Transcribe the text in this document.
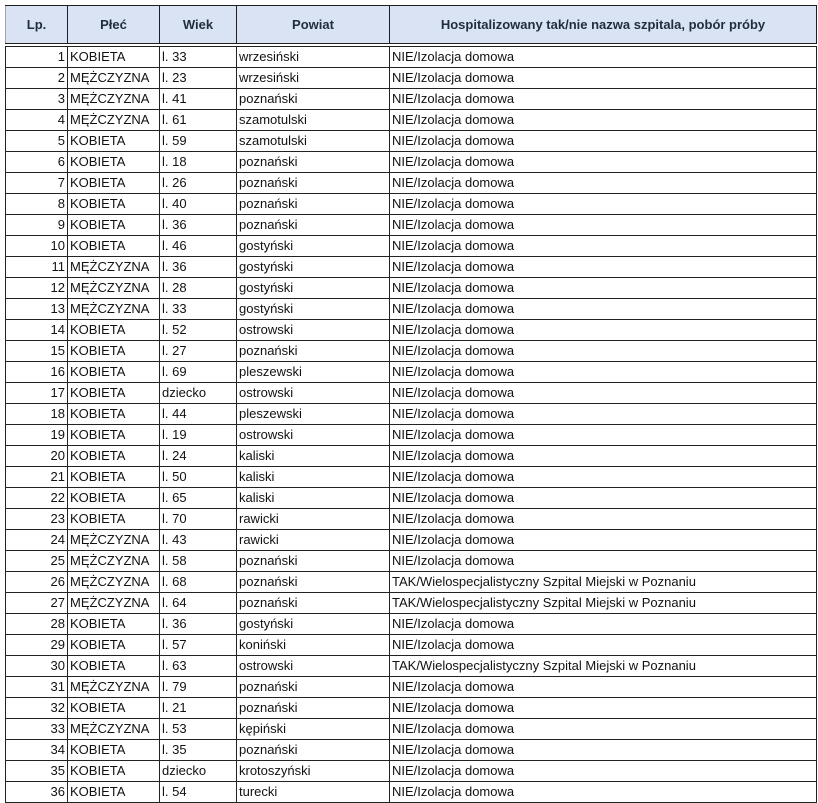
Lp.	Płeć	Wiek	Powiat	Hospitalizowany tak/nie nazwa szpitala, pobór próby

1	KOBIETA	l. 33	wrzesiński	NIE/Izolacja domowa
2	MĘŻCZYZNA	l. 23	wrzesiński	NIE/Izolacja domowa
3	MĘŻCZYZNA	l. 41	poznański	NIE/Izolacja domowa
4	MĘŻCZYZNA	l. 61	szamotulski	NIE/Izolacja domowa
5	KOBIETA	l. 59	szamotulski	NIE/Izolacja domowa
6	KOBIETA	l. 18	poznański	NIE/Izolacja domowa
7	KOBIETA	l. 26	poznański	NIE/Izolacja domowa
8	KOBIETA	l. 40	poznański	NIE/Izolacja domowa
9	KOBIETA	l. 36	poznański	NIE/Izolacja domowa
10	KOBIETA	l. 46	gostyński	NIE/Izolacja domowa
11	MĘŻCZYZNA	l. 36	gostyński	NIE/Izolacja domowa
12	MĘŻCZYZNA	l. 28	gostyński	NIE/Izolacja domowa
13	MĘŻCZYZNA	l. 33	gostyński	NIE/Izolacja domowa
14	KOBIETA	l. 52	ostrowski	NIE/Izolacja domowa
15	KOBIETA	l. 27	poznański	NIE/Izolacja domowa
16	KOBIETA	l. 69	pleszewski	NIE/Izolacja domowa
17	KOBIETA	dziecko	ostrowski	NIE/Izolacja domowa
18	KOBIETA	l. 44	pleszewski	NIE/Izolacja domowa
19	KOBIETA	l. 19	ostrowski	NIE/Izolacja domowa
20	KOBIETA	l. 24	kaliski	NIE/Izolacja domowa
21	KOBIETA	l. 50	kaliski	NIE/Izolacja domowa
22	KOBIETA	l. 65	kaliski	NIE/Izolacja domowa
23	KOBIETA	l. 70	rawicki	NIE/Izolacja domowa
24	MĘŻCZYZNA	l. 43	rawicki	NIE/Izolacja domowa
25	MĘŻCZYZNA	l. 58	poznański	NIE/Izolacja domowa
26	MĘŻCZYZNA	l. 68	poznański	TAK/Wielospecjalistyczny Szpital Miejski w Poznaniu
27	MĘŻCZYZNA	l. 64	poznański	TAK/Wielospecjalistyczny Szpital Miejski w Poznaniu
28	KOBIETA	l. 36	gostyński	NIE/Izolacja domowa
29	KOBIETA	l. 57	koniński	NIE/Izolacja domowa
30	KOBIETA	l. 63	ostrowski	TAK/Wielospecjalistyczny Szpital Miejski w Poznaniu
31	MĘŻCZYZNA	l. 79	poznański	NIE/Izolacja domowa
32	KOBIETA	l. 21	poznański	NIE/Izolacja domowa
33	MĘŻCZYZNA	l. 53	kępiński	NIE/Izolacja domowa
34	KOBIETA	l. 35	poznański	NIE/Izolacja domowa
35	KOBIETA	dziecko	krotoszyński	NIE/Izolacja domowa
36	KOBIETA	l. 54	turecki	NIE/Izolacja domowa
